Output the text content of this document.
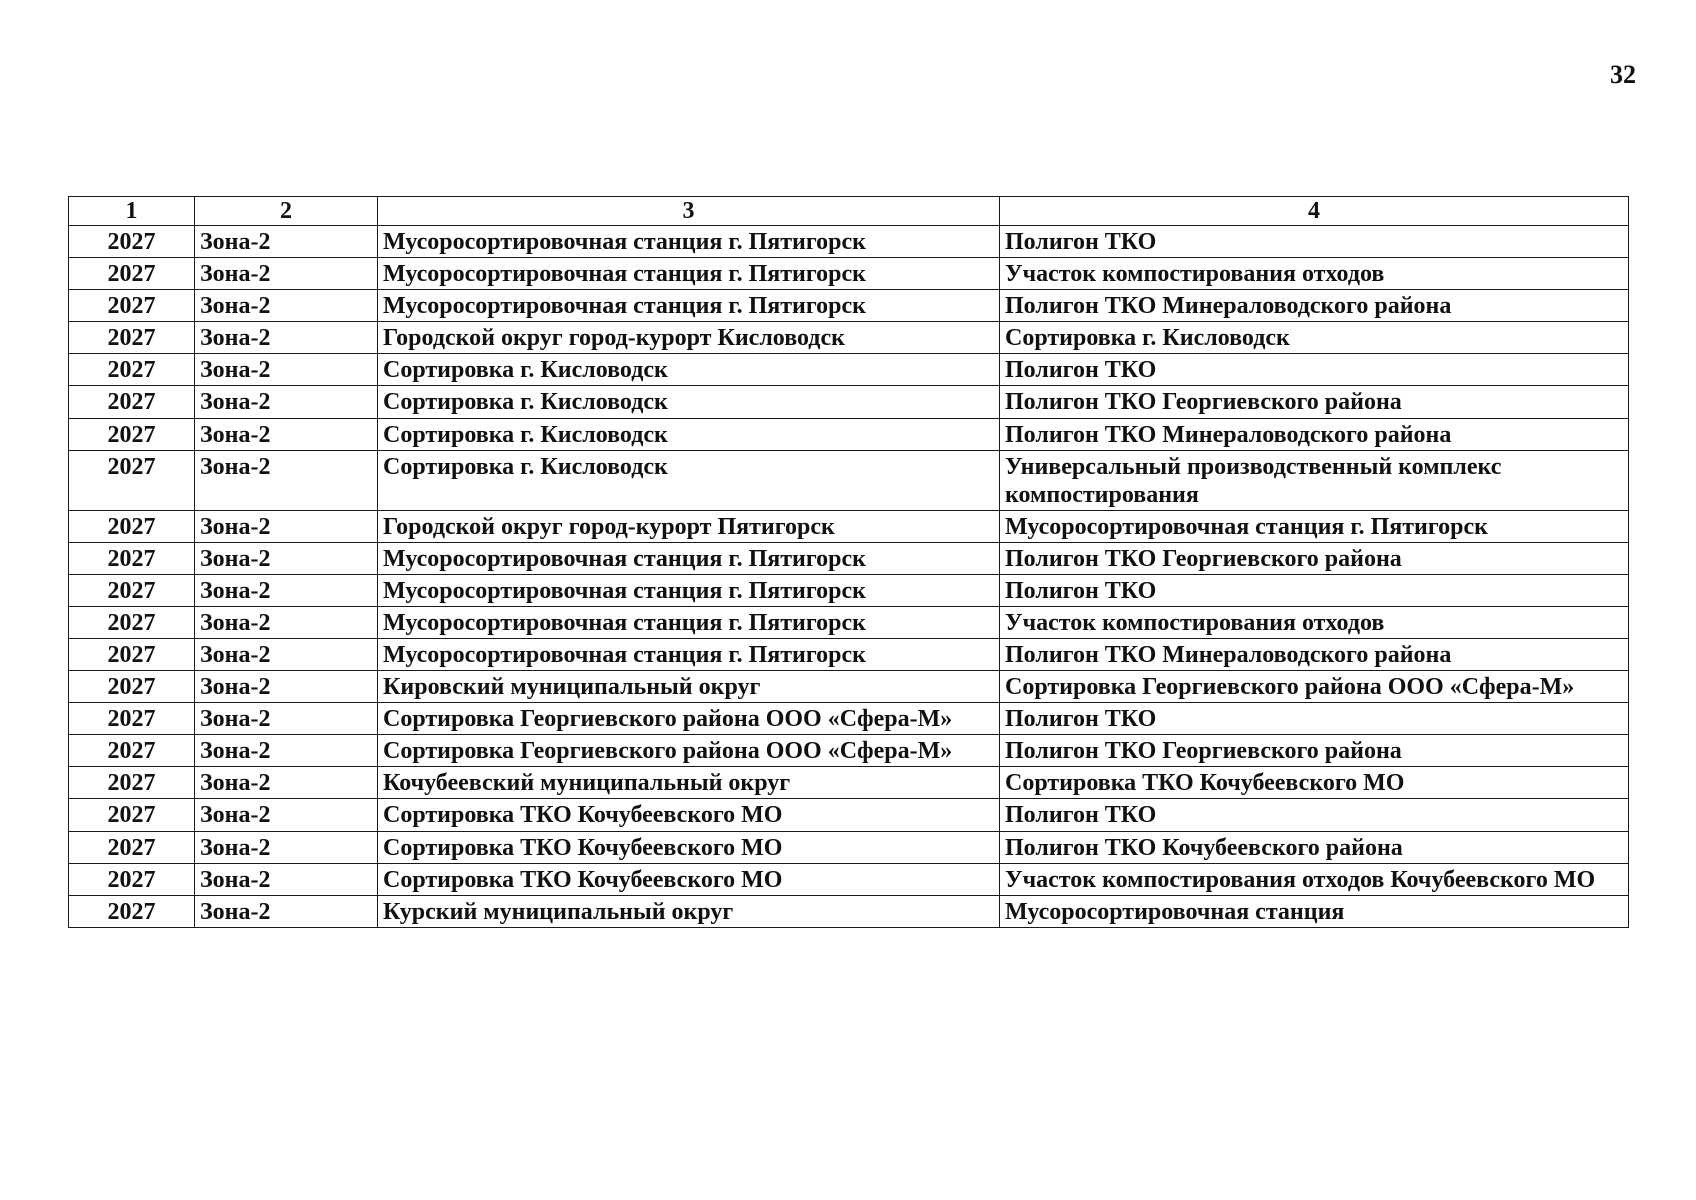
32
1	2	3	4
2027	Зона-2	Мусоросортировочная станция г. Пятигорск	Полигон ТКО
2027	Зона-2	Мусоросортировочная станция г. Пятигорск	Участок компостирования отходов
2027	Зона-2	Мусоросортировочная станция г. Пятигорск	Полигон ТКО Минераловодского района
2027	Зона-2	Городской округ город-курорт Кисловодск	Сортировка г. Кисловодск
2027	Зона-2	Сортировка г. Кисловодск	Полигон ТКО
2027	Зона-2	Сортировка г. Кисловодск	Полигон ТКО Георгиевского района
2027	Зона-2	Сортировка г. Кисловодск	Полигон ТКО Минераловодского района
2027	Зона-2	Сортировка г. Кисловодск	Универсальный производственный комплекс компостирования
2027	Зона-2	Городской округ город-курорт Пятигорск	Мусоросортировочная станция г. Пятигорск
2027	Зона-2	Мусоросортировочная станция г. Пятигорск	Полигон ТКО Георгиевского района
2027	Зона-2	Мусоросортировочная станция г. Пятигорск	Полигон ТКО
2027	Зона-2	Мусоросортировочная станция г. Пятигорск	Участок компостирования отходов
2027	Зона-2	Мусоросортировочная станция г. Пятигорск	Полигон ТКО Минераловодского района
2027	Зона-2	Кировский муниципальный округ	Сортировка Георгиевского района ООО «Сфера-М»
2027	Зона-2	Сортировка Георгиевского района ООО «Сфера-М»	Полигон ТКО
2027	Зона-2	Сортировка Георгиевского района ООО «Сфера-М»	Полигон ТКО Георгиевского района
2027	Зона-2	Кочубеевский муниципальный округ	Сортировка ТКО Кочубеевского МО
2027	Зона-2	Сортировка ТКО Кочубеевского МО	Полигон ТКО
2027	Зона-2	Сортировка ТКО Кочубеевского МО	Полигон ТКО Кочубеевского района
2027	Зона-2	Сортировка ТКО Кочубеевского МО	Участок компостирования отходов Кочубеевского МО
2027	Зона-2	Курский муниципальный округ	Мусоросортировочная станция
